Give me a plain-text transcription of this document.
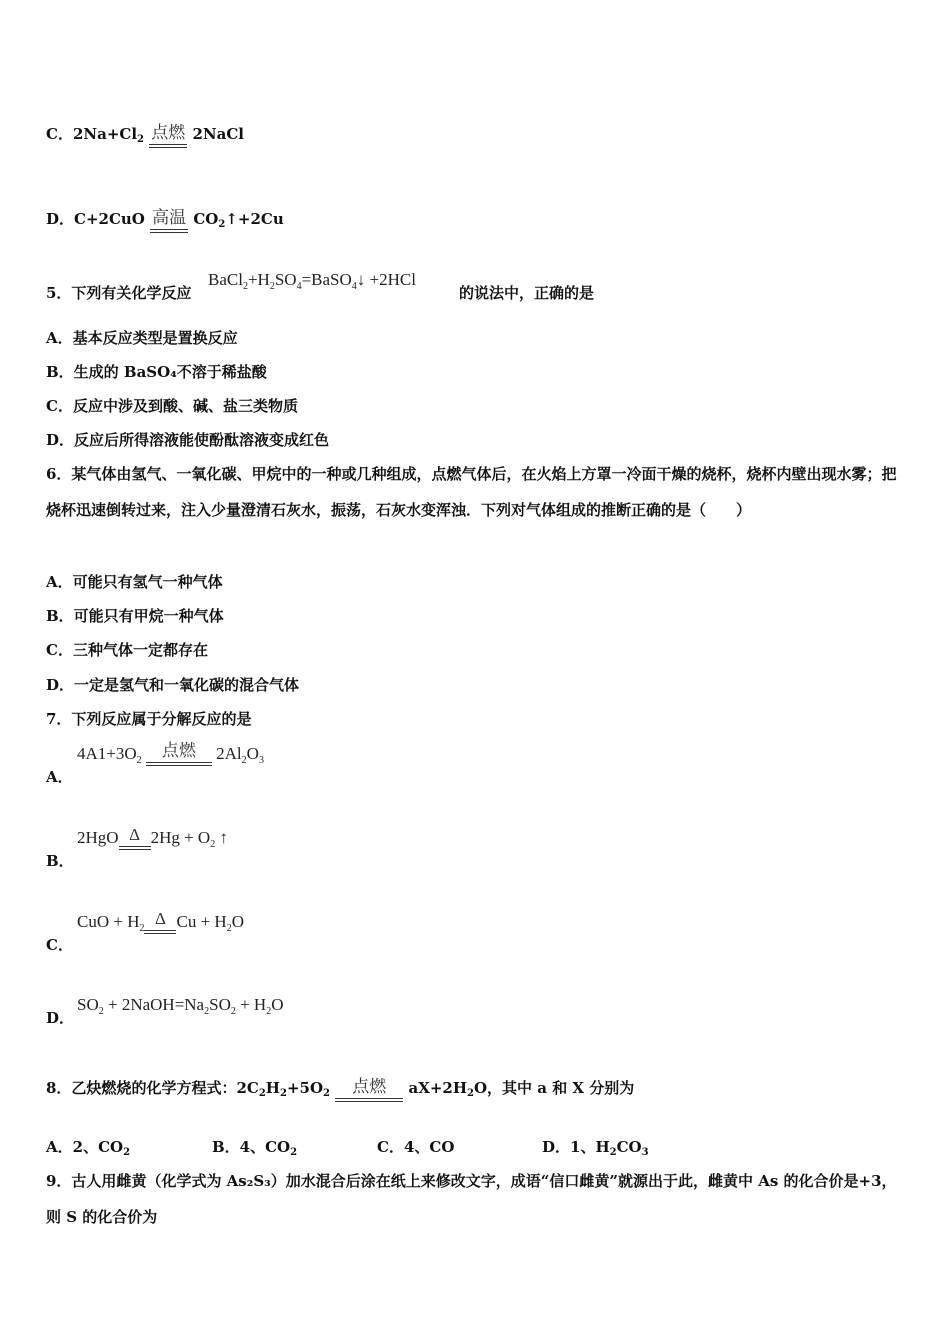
C．$2Na+Cl_2$ 点燃 2NaCl
D．C+2CuO 高温 $CO_2↑+2Cu$
5．下列有关化学反应
$BaCl_2+H_2SO_4=BaSO_4↓ +2HCl$
的说法中，正确的是
A．基本反应类型是置换反应
B．生成的 BaSO₄不溶于稀盐酸
C．反应中涉及到酸、碱、盐三类物质
D．反应后所得溶液能使酚酞溶液变成红色
6．某气体由氢气、一氧化碳、甲烷中的一种或几种组成，点燃气体后，在火焰上方罩一冷面干燥的烧杯，烧杯内壁出现水雾；把烧杯迅速倒转过来，注入少量澄清石灰水，振荡，石灰水变浑浊．下列对气体组成的推断正确的是（　　）
A．可能只有氢气一种气体
B．可能只有甲烷一种气体
C．三种气体一定都存在
D．一定是氢气和一氧化碳的混合气体
7．下列反应属于分解反应的是
A．
$4A1+3O_2$
点燃	$2Al_2O_3$
B．
2HgO Δ $2Hg + O_2$ ↑
C．
CuO + $H_2$
Δ $Cu + H_2O$
D．
$SO_2$ + $2NaOH=Na_2SO_2 + H_2O$
8．乙炔燃烧的化学方程式：$2C_2H_2+5O_2$	点燃	$aX+2H_2O$，其中 a 和 X 分别为
A．2、$CO_2$	B．4、$CO_2$	C．4、CO	D．1、$H_2CO_3$
9．古人用雌黄（化学式为 As₂S₃）加水混合后涂在纸上来修改文字，成语“信口雌黄”就源出于此，雌黄中 As 的化合价是+3，则 S 的化合价为
